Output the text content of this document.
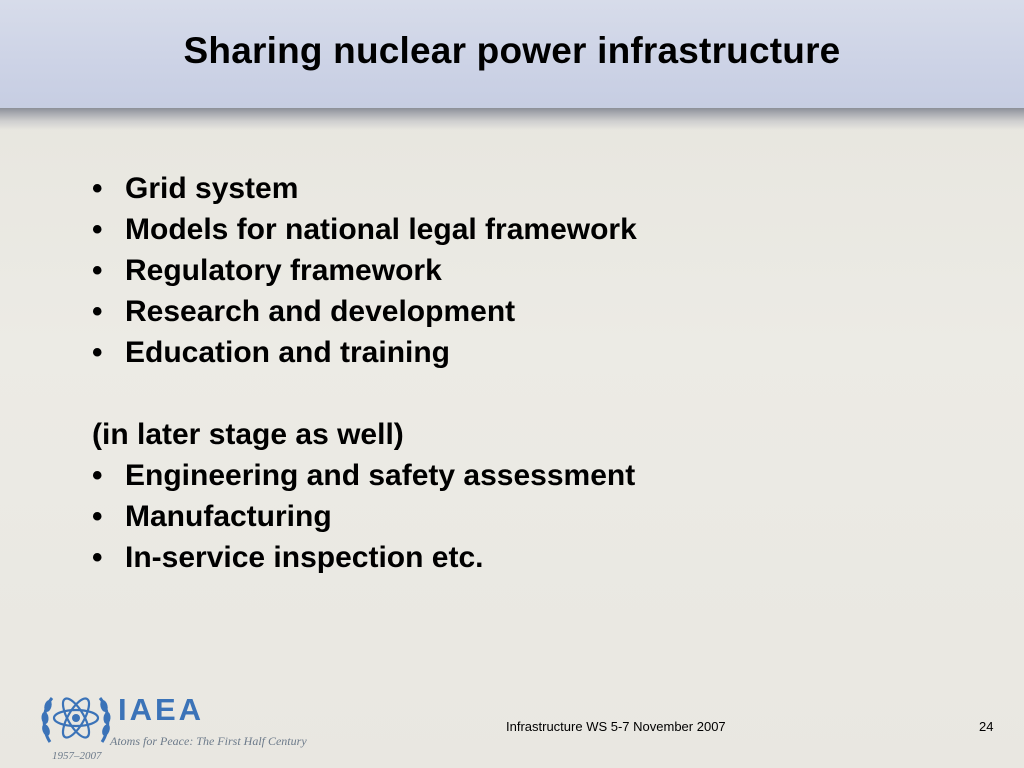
Sharing nuclear power infrastructure
• Grid system
• Models for national legal framework
• Regulatory framework
• Research and development
• Education and training
(in later stage as well)
• Engineering and safety assessment
• Manufacturing
• In-service inspection etc.
IAEA
Atoms for Peace: The First Half Century
1957–2007
Infrastructure WS 5-7 November 2007	24
